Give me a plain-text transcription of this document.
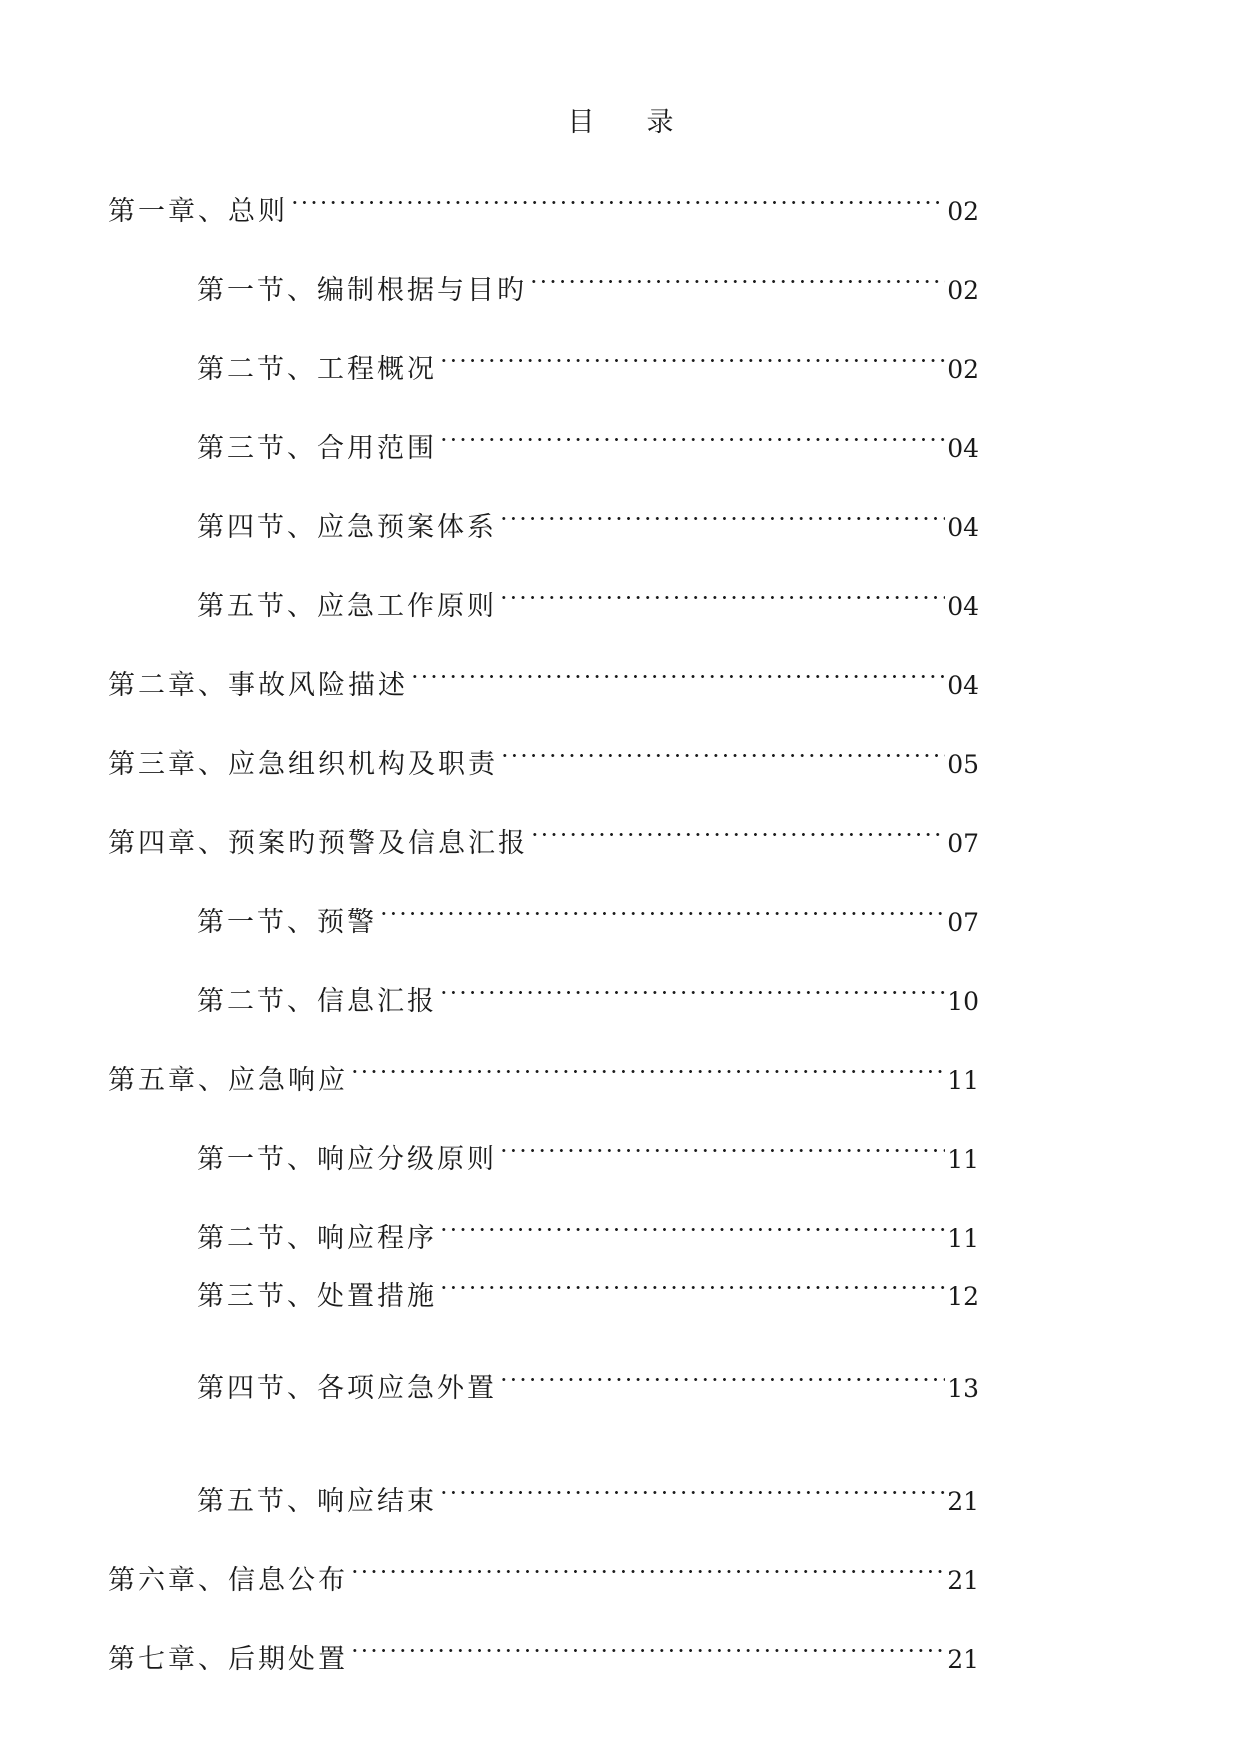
目 录
第一章、总则	02
第一节、编制根据与目旳	02
第二节、工程概况	02
第三节、合用范围	04
第四节、应急预案体系	04
第五节、应急工作原则	04
第二章、事故风险描述	04
第三章、应急组织机构及职责	05
第四章、预案旳预警及信息汇报	07
第一节、预警	07
第二节、信息汇报	10
第五章、应急响应	11
第一节、响应分级原则	11
第二节、响应程序	11
第三节、处置措施	12
第四节、各项应急外置	13
第五节、响应结束	21
第六章、信息公布	21
第七章、后期处置	21
